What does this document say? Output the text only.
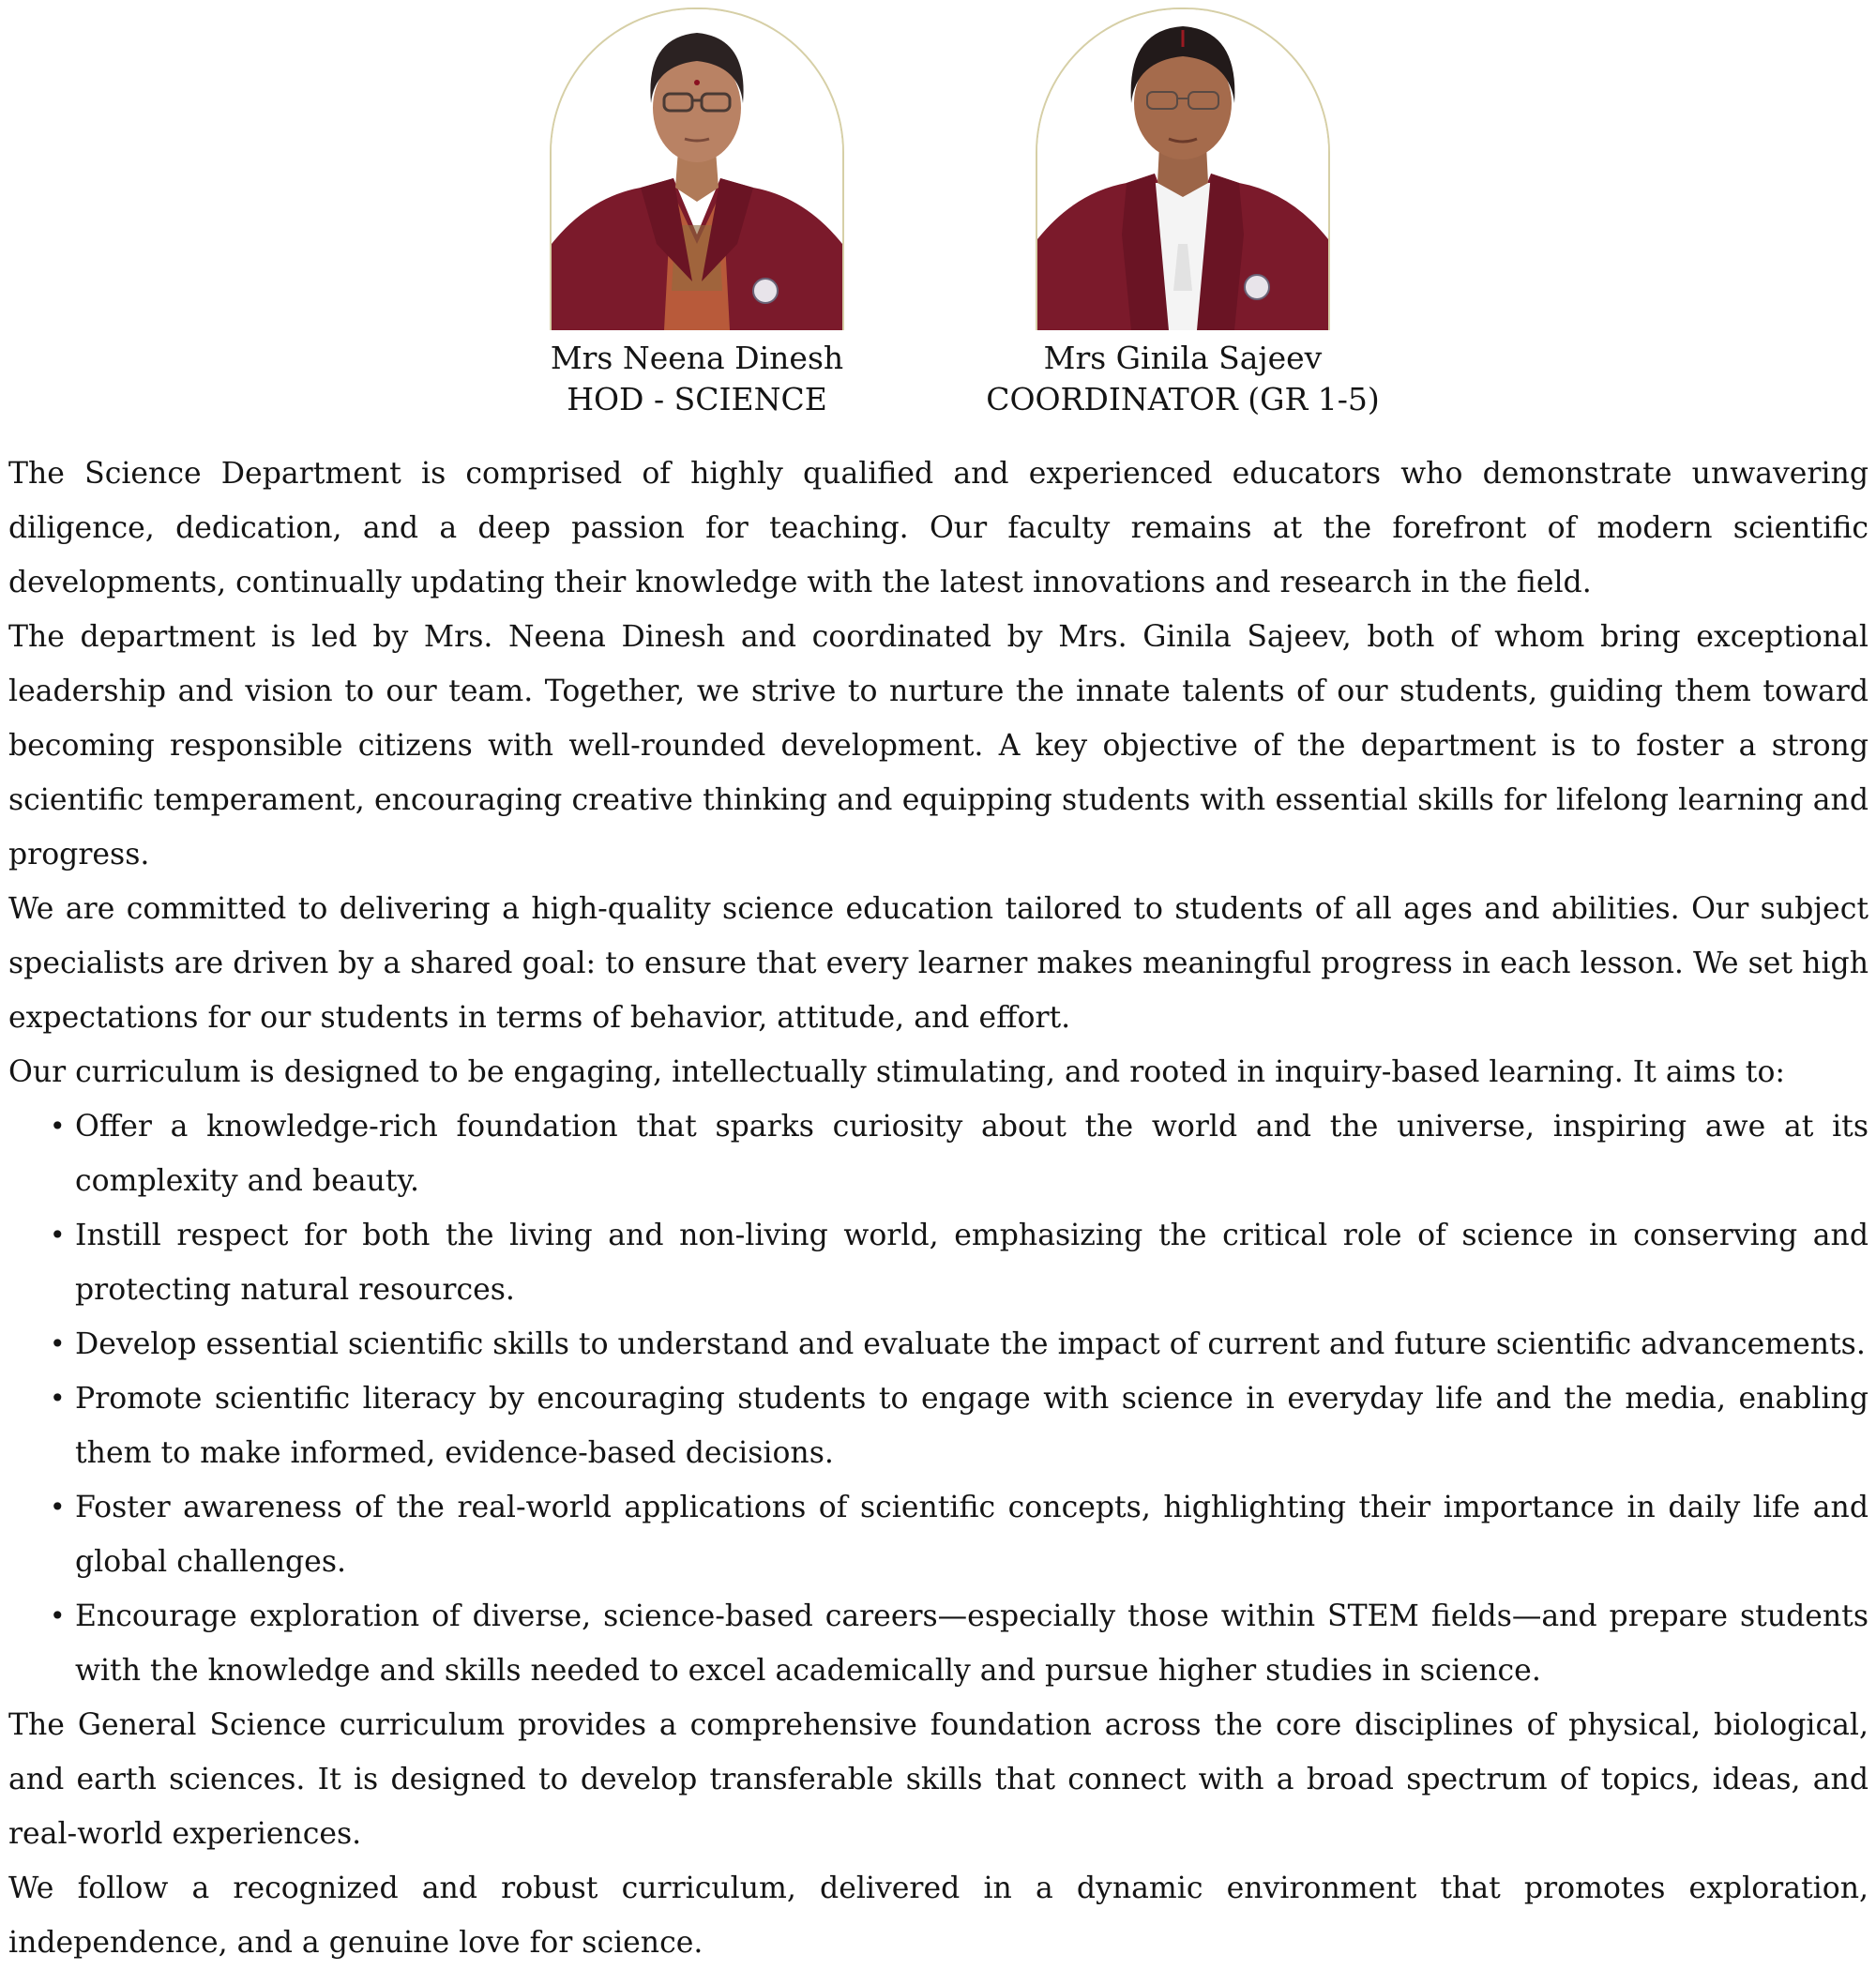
Mrs Neena Dinesh
HOD - SCIENCE
Mrs Ginila Sajeev
COORDINATOR (GR 1-5)

The Science Department is comprised of highly qualified and experienced educators who demonstrate unwavering diligence, dedication, and a deep passion for teaching. Our faculty remains at the forefront of modern scientific developments, continually updating their knowledge with the latest innovations and research in the field.

The department is led by Mrs. Neena Dinesh and coordinated by Mrs. Ginila Sajeev, both of whom bring exceptional leadership and vision to our team. Together, we strive to nurture the innate talents of our students, guiding them toward becoming responsible citizens with well-rounded development. A key objective of the department is to foster a strong scientific temperament, encouraging creative thinking and equipping students with essential skills for lifelong learning and progress.

We are committed to delivering a high-quality science education tailored to students of all ages and abilities. Our subject specialists are driven by a shared goal: to ensure that every learner makes meaningful progress in each lesson. We set high expectations for our students in terms of behavior, attitude, and effort.

Our curriculum is designed to be engaging, intellectually stimulating, and rooted in inquiry-based learning. It aims to:

• Offer a knowledge-rich foundation that sparks curiosity about the world and the universe, inspiring awe at its complexity and beauty.
• Instill respect for both the living and non-living world, emphasizing the critical role of science in conserving and protecting natural resources.
• Develop essential scientific skills to understand and evaluate the impact of current and future scientific advancements.
• Promote scientific literacy by encouraging students to engage with science in everyday life and the media, enabling them to make informed, evidence-based decisions.
• Foster awareness of the real-world applications of scientific concepts, highlighting their importance in daily life and global challenges.
• Encourage exploration of diverse, science-based careers—especially those within STEM fields—and prepare students with the knowledge and skills needed to excel academically and pursue higher studies in science.

The General Science curriculum provides a comprehensive foundation across the core disciplines of physical, biological, and earth sciences. It is designed to develop transferable skills that connect with a broad spectrum of topics, ideas, and real-world experiences.

We follow a recognized and robust curriculum, delivered in a dynamic environment that promotes exploration, independence, and a genuine love for science.
